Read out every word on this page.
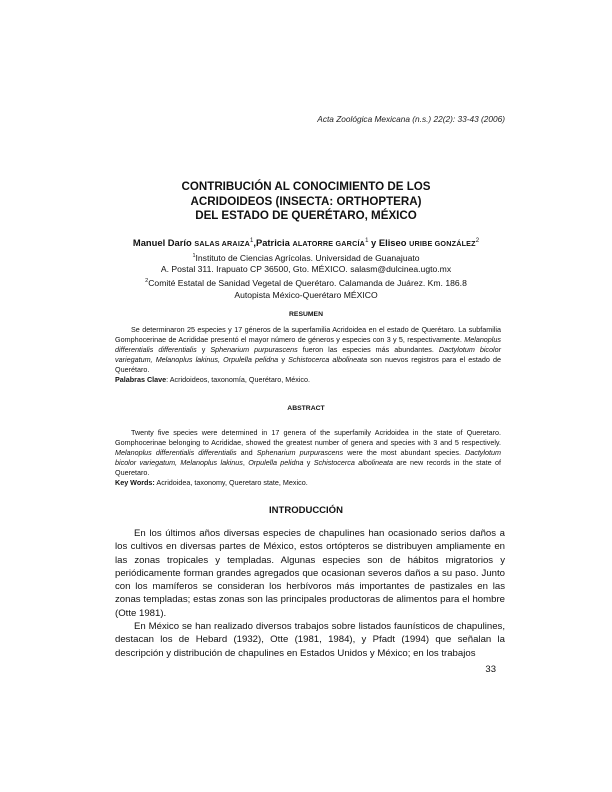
Acta Zoológica Mexicana (n.s.) 22(2): 33-43 (2006)
CONTRIBUCIÓN AL CONOCIMIENTO DE LOS
ACRIDOIDEOS (INSECTA: ORTHOPTERA)
DEL ESTADO DE QUERÉTARO, MÉXICO
Manuel Darío SALAS ARAIZA$^1$,Patricia ALATORRE GARCÍA$^1$ y Eliseo URIBE GONZÁLEZ$^2$
$^1$Instituto de Ciencias Agrícolas. Universidad de Guanajuato
A. Postal 311. Irapuato CP 36500, Gto. MÉXICO. salasm@dulcinea.ugto.mx
$^2$Comité Estatal de Sanidad Vegetal de Querétaro. Calamanda de Juárez. Km. 186.8
Autopista México-Querétaro MÉXICO
RESUMEN

Se determinaron 25 especies y 17 géneros de la superfamilia Acridoidea en el estado de Querétaro. La subfamilia Gomphocerinae de Acrididae presentó el mayor número de géneros y especies con 3 y 5, respectivamente. Melanoplus differentialis differentialis y Sphenarium purpurascens fueron las especies más abundantes. Dactylotum bicolor variegatum, Melanoplus lakinus, Orpulella pelidna y Schistocerca albolineata son nuevos registros para el estado de Querétaro.

Palabras Clave: Acridoideos, taxonomía, Querétaro, México.

ABSTRACT

Twenty five species were determined in 17 genera of the superfamily Acridoidea in the state of Queretaro. Gomphocerinae belonging to Acrididae, showed the greatest number of genera and species with 3 and 5 respectively. Melanoplus differentialis differentialis and Sphenarium purpurascens were the most abundant species. Dactylotum bicolor variegatum, Melanoplus lakinus, Orpulella pelidna y Schistocerca albolineata are new records in the state of Queretaro.

Key Words: Acridoidea, taxonomy, Queretaro state, Mexico.

INTRODUCCIÓN

En los últimos años diversas especies de chapulines han ocasionado serios daños a los cultivos en diversas partes de México, estos ortópteros se distribuyen ampliamente en las zonas tropicales y templadas. Algunas especies son de hábitos migratorios y periódicamente forman grandes agregados que ocasionan severos daños a su paso. Junto con los mamíferos se consideran los herbívoros más importantes de pastizales en las zonas templadas; estas zonas son las principales productoras de alimentos para el hombre (Otte 1981).

En México se han realizado diversos trabajos sobre listados faunísticos de chapulines, destacan los de Hebard (1932), Otte (1981, 1984), y Pfadt (1994) que señalan la descripción y distribución de chapulines en Estados Unidos y México; en los trabajos

33
